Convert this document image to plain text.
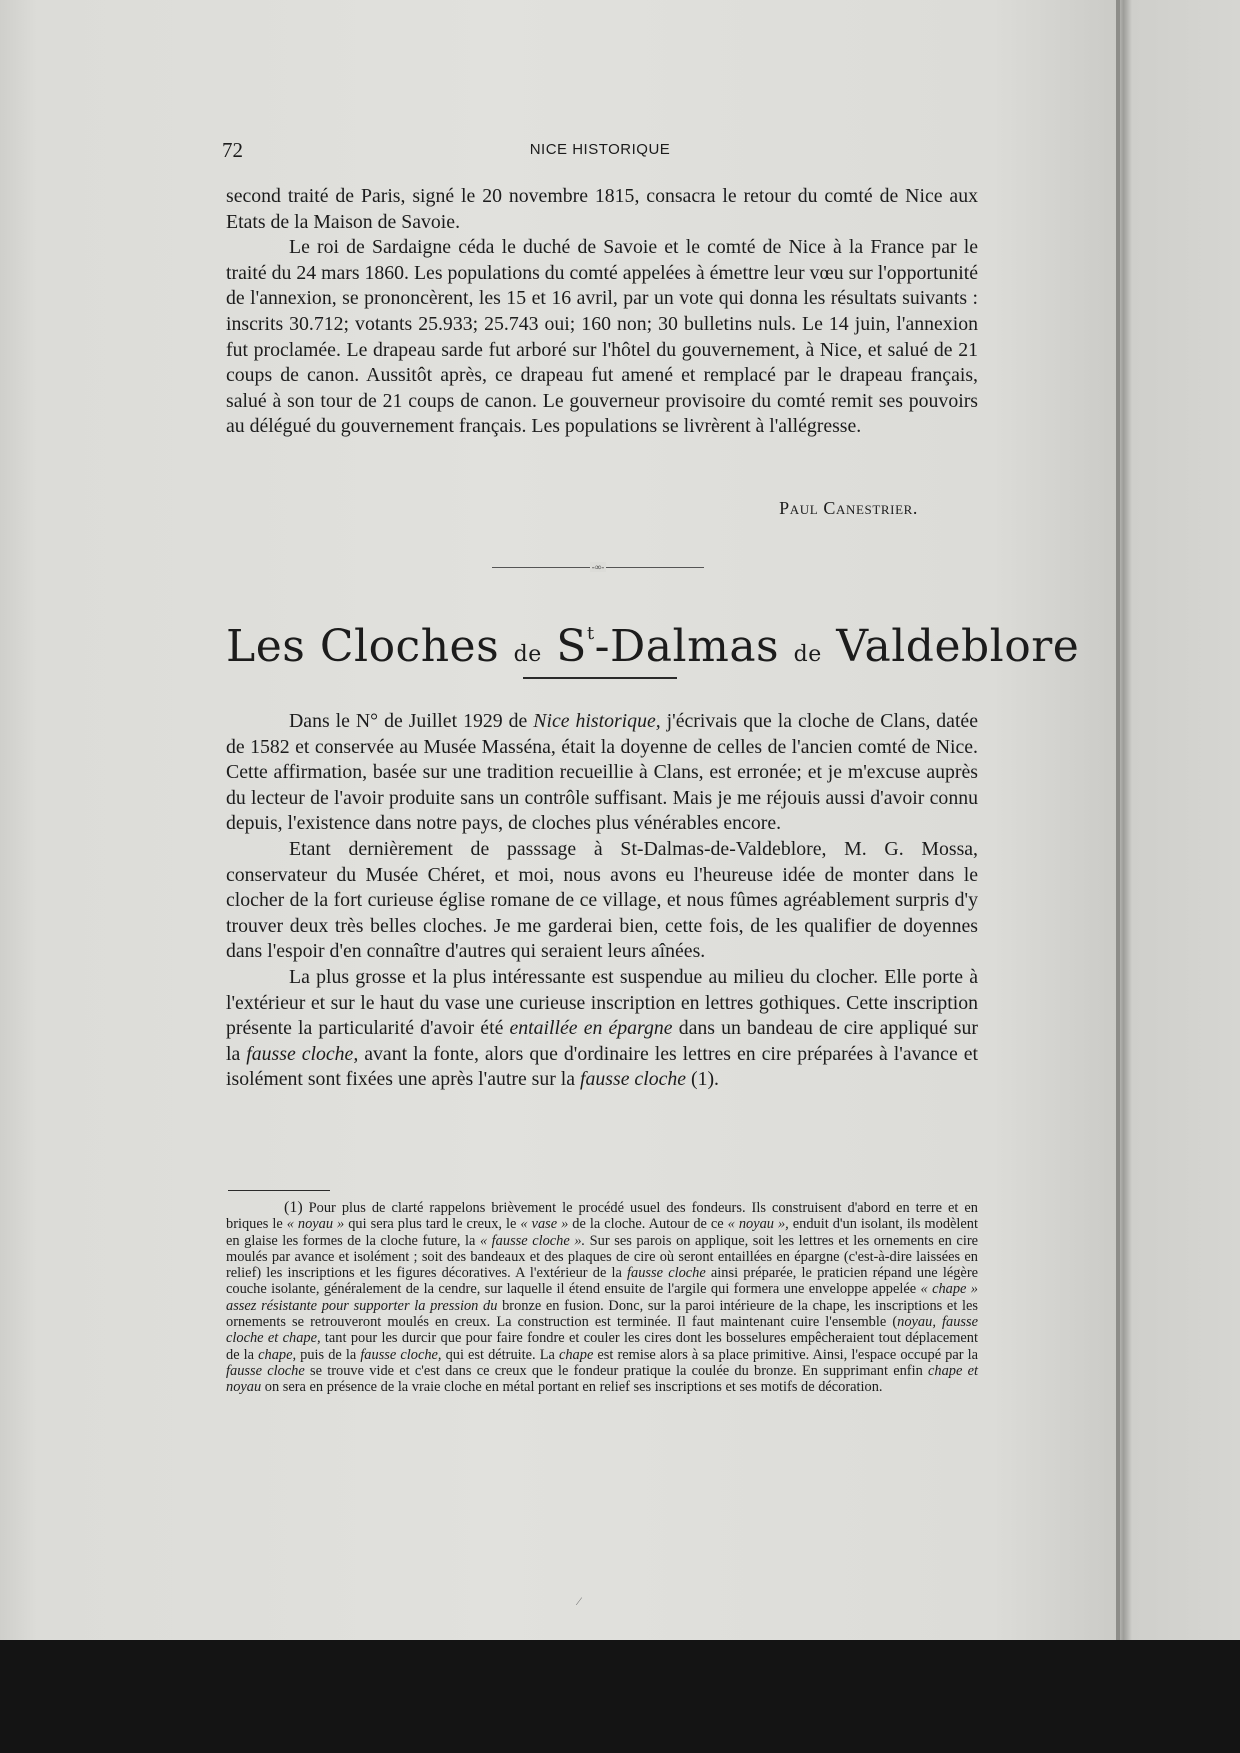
72	NICE HISTORIQUE

second traité de Paris, signé le 20 novembre 1815, consacra le retour du comté de Nice aux Etats de la Maison de Savoie.

Le roi de Sardaigne céda le duché de Savoie et le comté de Nice à la France par le traité du 24 mars 1860. Les populations du comté appelées à émettre leur vœu sur l'opportunité de l'annexion, se prononcèrent, les 15 et 16 avril, par un vote qui donna les résultats suivants : inscrits 30.712; votants 25.933; 25.743 oui; 160 non; 30 bulletins nuls. Le 14 juin, l'annexion fut proclamée. Le drapeau sarde fut arboré sur l'hôtel du gouvernement, à Nice, et salué de 21 coups de canon. Aussitôt après, ce drapeau fut amené et remplacé par le drapeau français, salué à son tour de 21 coups de canon. Le gouverneur provisoire du comté remit ses pouvoirs au délégué du gouvernement français. Les populations se livrèrent à l'allégresse.

Paul Canestrier.
-∞-
Les Cloches de $S^t$-Dalmas de Valdeblore

Dans le N° de Juillet 1929 de Nice historique, j'écrivais que la cloche de Clans, datée de 1582 et conservée au Musée Masséna, était la doyenne de celles de l'ancien comté de Nice. Cette affirmation, basée sur une tradition recueillie à Clans, est erronée; et je m'excuse auprès du lecteur de l'avoir produite sans un contrôle suffisant. Mais je me réjouis aussi d'avoir connu depuis, l'existence dans notre pays, de cloches plus vénérables encore.

Etant dernièrement de passsage à St-Dalmas-de-Valdeblore, M. G. Mossa, conservateur du Musée Chéret, et moi, nous avons eu l'heureuse idée de monter dans le clocher de la fort curieuse église romane de ce village, et nous fûmes agréablement surpris d'y trouver deux très belles cloches. Je me garderai bien, cette fois, de les qualifier de doyennes dans l'espoir d'en connaître d'autres qui seraient leurs aînées.

La plus grosse et la plus intéressante est suspendue au milieu du clocher. Elle porte à l'extérieur et sur le haut du vase une curieuse inscription en lettres gothiques. Cette inscription présente la particularité d'avoir été entaillée en épargne dans un bandeau de cire appliqué sur la fausse cloche, avant la fonte, alors que d'ordinaire les lettres en cire préparées à l'avance et isolément sont fixées une après l'autre sur la fausse cloche (1).

(1) Pour plus de clarté rappelons brièvement le procédé usuel des fondeurs. Ils construisent d'abord en terre et en briques le « noyau » qui sera plus tard le creux, le « vase » de la cloche. Autour de ce « noyau », enduit d'un isolant, ils modèlent en glaise les formes de la cloche future, la « fausse cloche ». Sur ses parois on applique, soit les lettres et les ornements en cire moulés par avance et isolément ; soit des bandeaux et des plaques de cire où seront entaillées en épargne (c'est-à-dire laissées en relief) les inscriptions et les figures décoratives. A l'extérieur de la fausse cloche ainsi préparée, le praticien répand une légère couche isolante, généralement de la cendre, sur laquelle il étend ensuite de l'argile qui formera une enveloppe appelée « chape » assez résistante pour supporter la pression du bronze en fusion. Donc, sur la paroi intérieure de la chape, les inscriptions et les ornements se retrouveront moulés en creux. La construction est terminée. Il faut maintenant cuire l'ensemble (noyau, fausse cloche et chape, tant pour les durcir que pour faire fondre et couler les cires dont les bosselures empêcheraient tout déplacement de la chape, puis de la fausse cloche, qui est détruite. La chape est remise alors à sa place primitive. Ainsi, l'espace occupé par la fausse cloche se trouve vide et c'est dans ce creux que le fondeur pratique la coulée du bronze. En supprimant enfin chape et noyau on sera en présence de la vraie cloche en métal portant en relief ses inscriptions et ses motifs de décoration.

⁄
